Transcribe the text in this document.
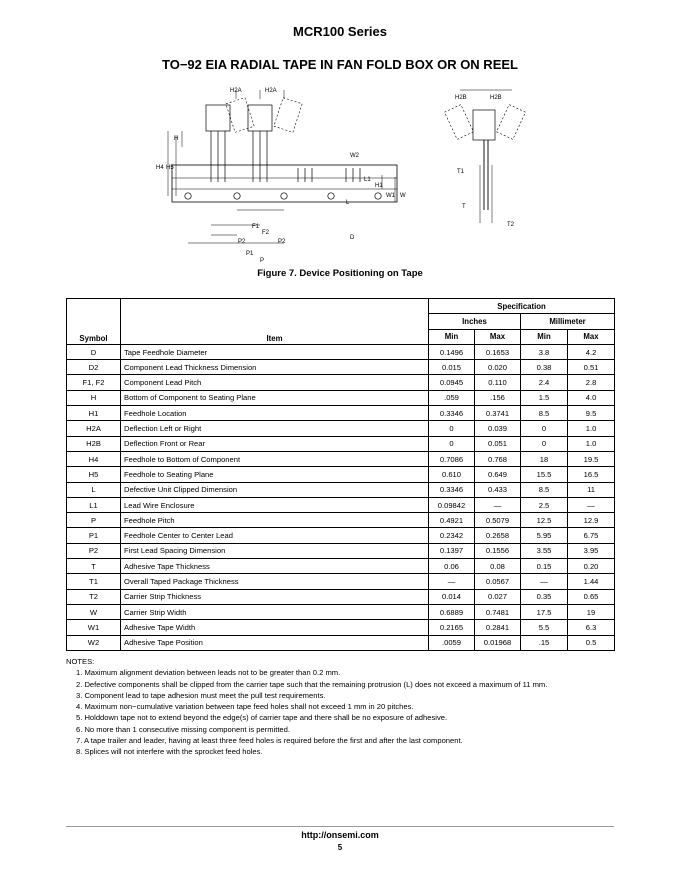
MCR100 Series
TO−92 EIA RADIAL TAPE IN FAN FOLD BOX OR ON REEL
H2A	H2A
H2B	H2B
H
H4 H5
W2
L1
H1
W1 W
L
F1
F2
P2	P2
P1
P
D
T1
T
T2
Figure 7. Device Positioning on Tape
Symbol	Item	Specification			
		Inches		Millimeter	
		Min	Max	Min	Max
D	Tape Feedhole Diameter	0.1496	0.1653	3.8	4.2
D2	Component Lead Thickness Dimension	0.015	0.020	0.38	0.51
F1, F2	Component Lead Pitch	0.0945	0.110	2.4	2.8
H	Bottom of Component to Seating Plane	.059	.156	1.5	4.0
H1	Feedhole Location	0.3346	0.3741	8.5	9.5
H2A	Deflection Left or Right	0	0.039	0	1.0
H2B	Deflection Front or Rear	0	0.051	0	1.0
H4	Feedhole to Bottom of Component	0.7086	0.768	18	19.5
H5	Feedhole to Seating Plane	0.610	0.649	15.5	16.5
L	Defective Unit Clipped Dimension	0.3346	0.433	8.5	11
L1	Lead Wire Enclosure	0.09842	—	2.5	—
P	Feedhole Pitch	0.4921	0.5079	12.5	12.9
P1	Feedhole Center to Center Lead	0.2342	0.2658	5.95	6.75
P2	First Lead Spacing Dimension	0.1397	0.1556	3.55	3.95
T	Adhesive Tape Thickness	0.06	0.08	0.15	0.20
T1	Overall Taped Package Thickness	—	0.0567	—	1.44
T2	Carrier Strip Thickness	0.014	0.027	0.35	0.65
W	Carrier Strip Width	0.6889	0.7481	17.5	19
W1	Adhesive Tape Width	0.2165	0.2841	5.5	6.3
W2	Adhesive Tape Position	.0059	0.01968	.15	0.5
NOTES:
1. Maximum alignment deviation between leads not to be greater than 0.2 mm.
2. Defective components shall be clipped from the carrier tape such that the remaining protrusion (L) does not exceed a maximum of 11 mm.
3. Component lead to tape adhesion must meet the pull test requirements.
4. Maximum non−cumulative variation between tape feed holes shall not exceed 1 mm in 20 pitches.
5. Holddown tape not to extend beyond the edge(s) of carrier tape and there shall be no exposure of adhesive.
6. No more than 1 consecutive missing component is permitted.
7. A tape trailer and leader, having at least three feed holes is required before the first and after the last component.
8. Splices will not interfere with the sprocket feed holes.
http://onsemi.com
5
